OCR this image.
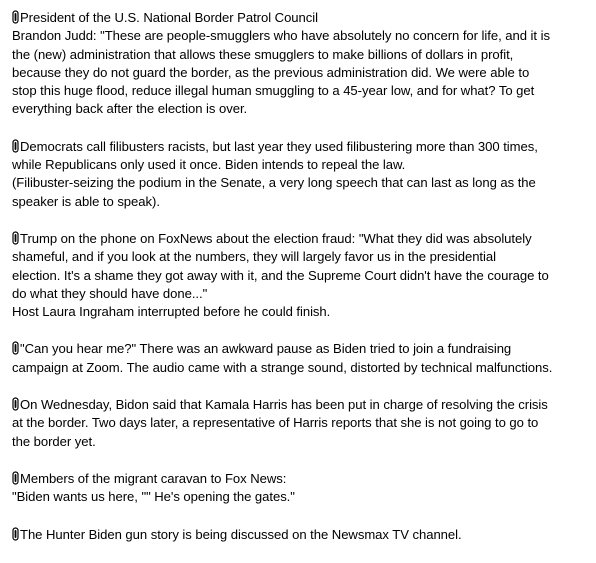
President of the U.S. National Border Patrol Council
Brandon Judd: "These are people-smugglers who have absolutely no concern for life, and it is
the (new) administration that allows these smugglers to make billions of dollars in profit,
because they do not guard the border, as the previous administration did. We were able to
stop this huge flood, reduce illegal human smuggling to a 45-year low, and for what? To get
everything back after the election is over.
Democrats call filibusters racists, but last year they used filibustering more than 300 times,
while Republicans only used it once. Biden intends to repeal the law.
(Filibuster-seizing the podium in the Senate, a very long speech that can last as long as the
speaker is able to speak).
Trump on the phone on FoxNews about the election fraud: "What they did was absolutely
shameful, and if you look at the numbers, they will largely favor us in the presidential
election. It's a shame they got away with it, and the Supreme Court didn't have the courage to
do what they should have done..."
Host Laura Ingraham interrupted before he could finish.
"Can you hear me?" There was an awkward pause as Biden tried to join a fundraising
campaign at Zoom. The audio came with a strange sound, distorted by technical malfunctions.
On Wednesday, Bidon said that Kamala Harris has been put in charge of resolving the crisis
at the border. Two days later, a representative of Harris reports that she is not going to go to
the border yet.
Members of the migrant caravan to Fox News:
"Biden wants us here, "" He's opening the gates."
The Hunter Biden gun story is being discussed on the Newsmax TV channel.
